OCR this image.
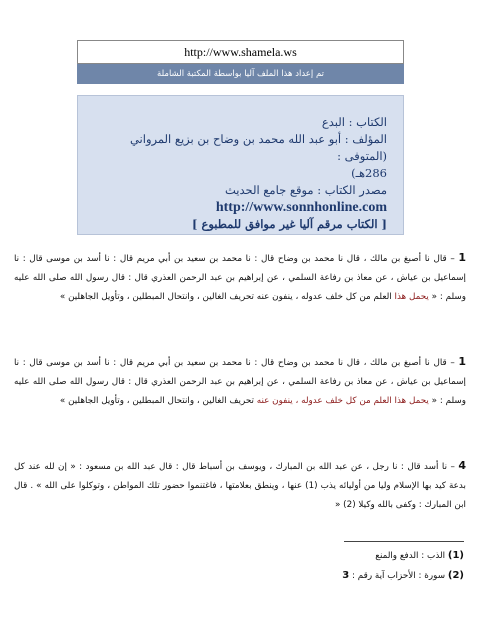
http://www.shamela.ws
تم إعداد هذا الملف آليا بواسطة المكتبة الشاملة
الكتاب : البدع
المؤلف : أبو عبد الله محمد بن وضاح بن بزيع المرواني (المتوفى :
286هـ)
مصدر الكتاب : موقع جامع الحديث
http://www.sonnhonline.com
[ الكتاب مرقم آليا غير موافق للمطبوع ]
1 – قال نا أصبغ بن مالك ، قال نا محمد بن وضاح قال : نا محمد بن سعيد بن أبي مريم قال : نا أسد بن موسى قال : نا إسماعيل بن عياش ، عن معاذ بن رفاعة السلمي ، عن إبراهيم بن عبد الرحمن العذري قال : قال رسول الله صلى الله عليه وسلم : « يحمل هذا العلم من كل خلف عدوله ، ينفون عنه تحريف الغالين ، وانتحال المبطلين ، وتأويل الجاهلين »
1 – قال نا أصبغ بن مالك ، قال نا محمد بن وضاح قال : نا محمد بن سعيد بن أبي مريم قال : نا أسد بن موسى قال : نا إسماعيل بن عياش ، عن معاذ بن رفاعة السلمي ، عن إبراهيم بن عبد الرحمن العذري قال : قال رسول الله صلى الله عليه وسلم : « يحمل هذا العلم من كل خلف عدوله ، ينفون عنه تحريف الغالين ، وانتحال المبطلين ، وتأويل الجاهلين »
4 – نا أسد قال : نا رجل ، عن عبد الله بن المبارك ، ويوسف بن أسباط قال : قال عبد الله بن مسعود : « إن لله عند كل بدعة كيد بها الإسلام وليا من أوليائه يذب (1) عنها ، وينطق بعلامتها ، فاغتنموا حضور تلك المواطن ، وتوكلوا على الله » . قال ابن المبارك : وكفى بالله وكيلا (2) «
(1) الذب : الدفع والمنع
(2) سورة : الأحزاب آية رقم : 3
